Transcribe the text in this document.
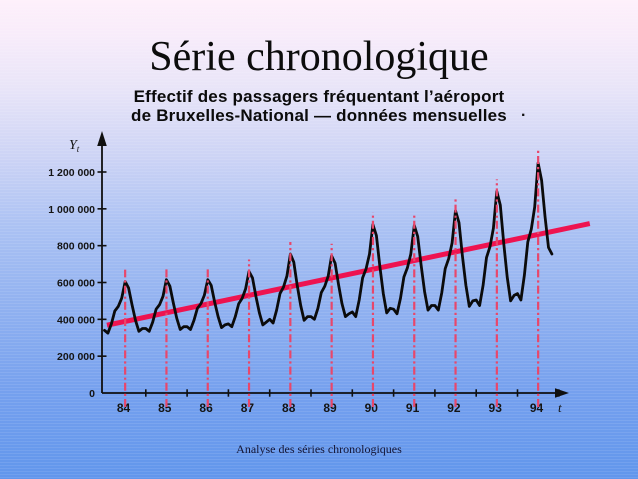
Série chronologique
Effectif des passagers fréquentant l’aéroport
de Bruxelles-National — données mensuelles .
1 200 000
1 000 000
800 000
600 000
400 000
200 000
0
84 85 86 87 88 89 90 91 92 93 94
$Y_t$
t
Analyse des séries chronologiques
